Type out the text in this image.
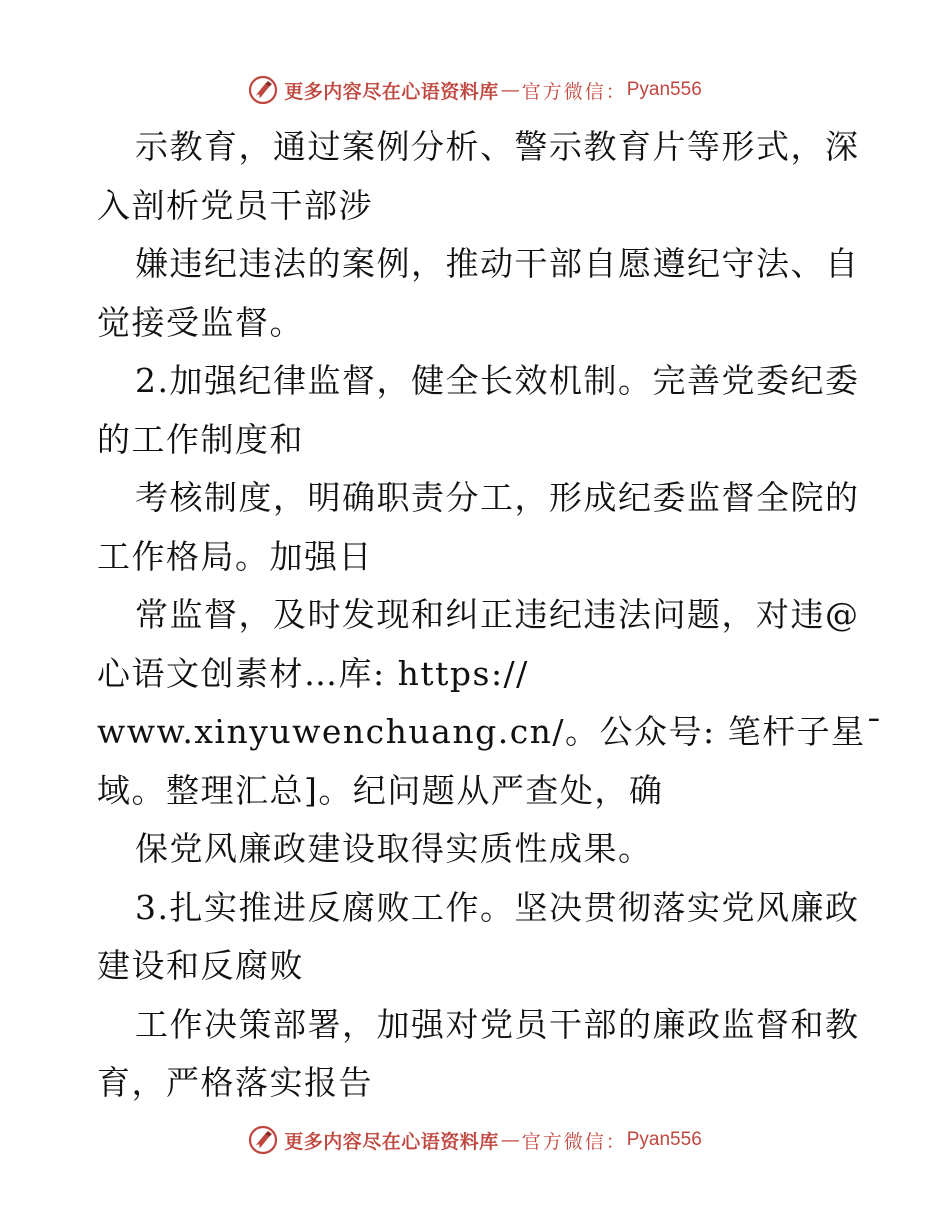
更多内容尽在心语资料库 — 官方微信： Pyan556
示教育，通过案例分析、警示教育片等形式，深
入剖析党员干部涉
嫌违纪违法的案例，推动干部自愿遵纪守法、自
觉接受监督。
2.加强纪律监督，健全长效机制。完善党委纪委
的工作制度和
考核制度，明确职责分工，形成纪委监督全院的
工作格局。加强日
常监督，及时发现和纠正违纪违法问题，对违@
心语文创素材…库: https://
www.xinyuwenchuang.cn/。公众号: 笔杆子星¯
域。整理汇总]。纪问题从严查处，确
保党风廉政建设取得实质性成果。
3.扎实推进反腐败工作。坚决贯彻落实党风廉政
建设和反腐败
工作决策部署，加强对党员干部的廉政监督和教
育，严格落实报告
更多内容尽在心语资料库 — 官方微信： Pyan556
